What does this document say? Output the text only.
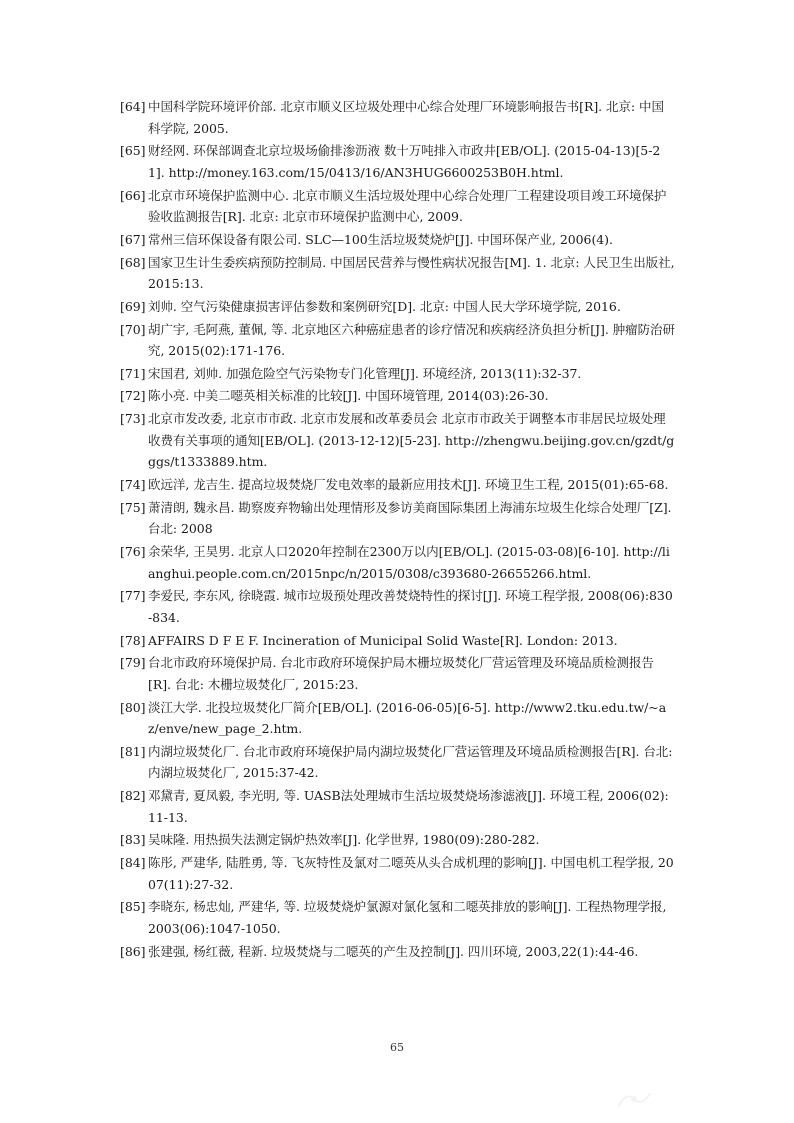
[64] 中国科学院环境评价部. 北京市顺义区垃圾处理中心综合处理厂环境影响报告书[R]. 北京: 中国科学院, 2005.
[65] 财经网. 环保部调查北京垃圾场偷排渗沥液 数十万吨排入市政井[EB/OL]. (2015-04-13)[5-21]. http://money.163.com/15/0413/16/AN3HUG6600253B0H.html.
[66] 北京市环境保护监测中心. 北京市顺义生活垃圾处理中心综合处理厂工程建设项目竣工环境保护验收监测报告[R]. 北京: 北京市环境保护监测中心, 2009.
[67] 常州三信环保设备有限公司. SLC—100生活垃圾焚烧炉[J]. 中国环保产业, 2006(4).
[68] 国家卫生计生委疾病预防控制局. 中国居民营养与慢性病状况报告[M]. 1. 北京: 人民卫生出版社, 2015:13.
[69] 刘帅. 空气污染健康损害评估参数和案例研究[D]. 北京: 中国人民大学环境学院, 2016.
[70] 胡广宇, 毛阿燕, 董佩, 等. 北京地区六种癌症患者的诊疗情况和疾病经济负担分析[J]. 肿瘤防治研究, 2015(02):171-176.
[71] 宋国君, 刘帅. 加强危险空气污染物专门化管理[J]. 环境经济, 2013(11):32-37.
[72] 陈小亮. 中美二噁英相关标准的比较[J]. 中国环境管理, 2014(03):26-30.
[73] 北京市发改委, 北京市市政. 北京市发展和改革委员会 北京市市政关于调整本市非居民垃圾处理收费有关事项的通知[EB/OL]. (2013-12-12)[5-23]. http://zhengwu.beijing.gov.cn/gzdt/gggs/t1333889.htm.
[74] 欧远洋, 龙吉生. 提高垃圾焚烧厂发电效率的最新应用技术[J]. 环境卫生工程, 2015(01):65-68.
[75] 萧清朗, 魏永昌. 勘察废弃物输出处理情形及参访美商国际集团上海浦东垃圾生化综合处理厂[Z]. 台北: 2008
[76] 余荣华, 王昊男. 北京人口2020年控制在2300万以内[EB/OL]. (2015-03-08)[6-10]. http://lianghui.people.com.cn/2015npc/n/2015/0308/c393680-26655266.html.
[77] 李爱民, 李东风, 徐晓霞. 城市垃圾预处理改善焚烧特性的探讨[J]. 环境工程学报, 2008(06):830-834.
[78] AFFAIRS D F E F. Incineration of Municipal Solid Waste[R]. London: 2013.
[79] 台北市政府环境保护局. 台北市政府环境保护局木栅垃圾焚化厂营运管理及环境品质检测报告[R]. 台北: 木栅垃圾焚化厂, 2015:23.
[80] 淡江大学. 北投垃圾焚化厂简介[EB/OL]. (2016-06-05)[6-5]. http://www2.tku.edu.tw/~az/enve/new_page_2.htm.
[81] 内湖垃圾焚化厂. 台北市政府环境保护局内湖垃圾焚化厂营运管理及环境品质检测报告[R]. 台北: 内湖垃圾焚化厂, 2015:37-42.
[82] 邓黛青, 夏凤毅, 李光明, 等. UASB法处理城市生活垃圾焚烧场渗滤液[J]. 环境工程, 2006(02):11-13.
[83] 吴味隆. 用热损失法测定锅炉热效率[J]. 化学世界, 1980(09):280-282.
[84] 陈彤, 严建华, 陆胜勇, 等. 飞灰特性及氯对二噁英从头合成机理的影响[J]. 中国电机工程学报, 2007(11):27-32.
[85] 李晓东, 杨忠灿, 严建华, 等. 垃圾焚烧炉氯源对氯化氢和二噁英排放的影响[J]. 工程热物理学报, 2003(06):1047-1050.
[86] 张建强, 杨红薇, 程新. 垃圾焚烧与二噁英的产生及控制[J]. 四川环境, 2003,22(1):44-46.
65
